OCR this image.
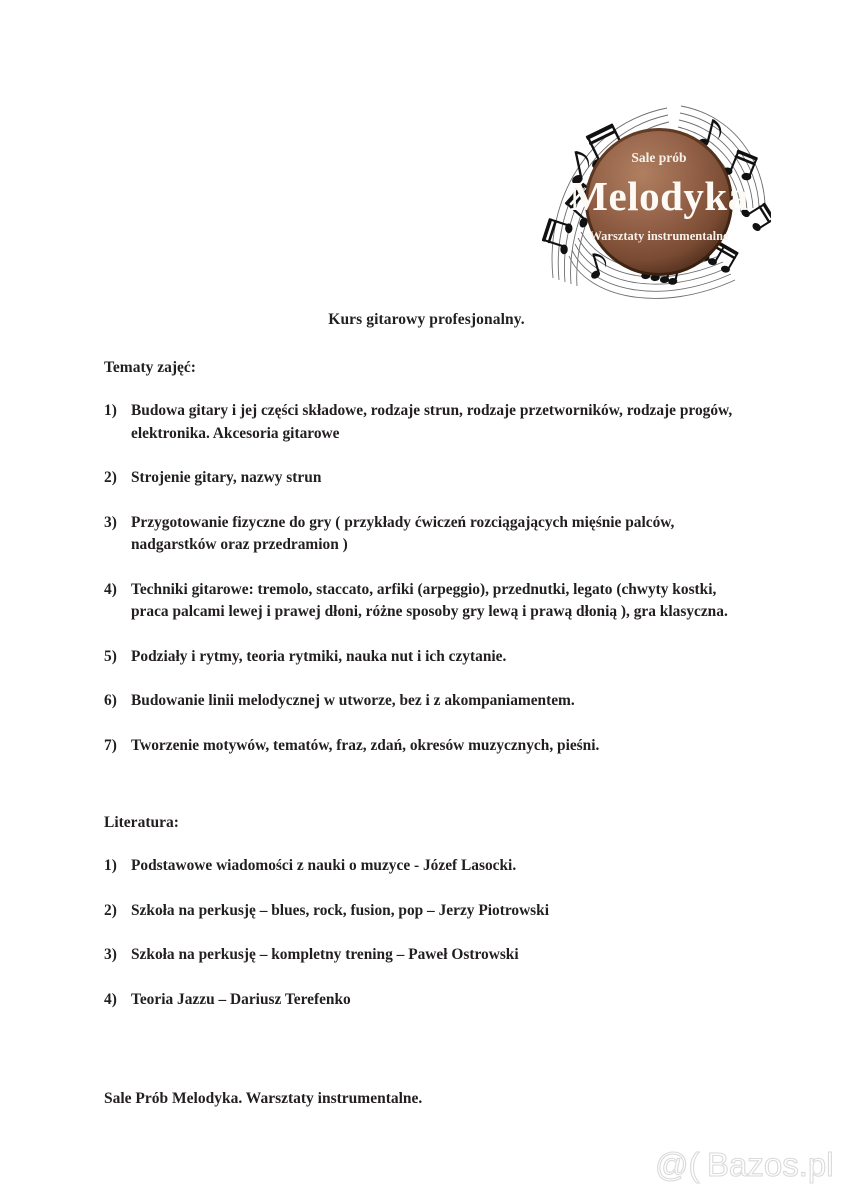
Sale prób
Melodyka
Warsztaty instrumentalne

Kurs gitarowy profesjonalny.

Tematy zajęć:

1) Budowa gitary i jej części składowe, rodzaje strun, rodzaje przetworników, rodzaje progów, elektronika. Akcesoria gitarowe
2) Strojenie gitary, nazwy strun
3) Przygotowanie fizyczne do gry ( przykłady ćwiczeń rozciągających mięśnie palców, nadgarstków oraz przedramion )
4) Techniki gitarowe: tremolo, staccato, arfiki (arpeggio), przednutki, legato (chwyty kostki, praca palcami lewej i prawej dłoni, różne sposoby gry lewą i prawą dłonią ), gra klasyczna.
5) Podziały i rytmy, teoria rytmiki, nauka nut i ich czytanie.
6) Budowanie linii melodycznej w utworze, bez i z akompaniamentem.
7) Tworzenie motywów, tematów, fraz, zdań, okresów muzycznych, pieśni.

Literatura:

1) Podstawowe wiadomości z nauki o muzyce - Józef Lasocki.
2) Szkoła na perkusję – blues, rock, fusion, pop – Jerzy Piotrowski
3) Szkoła na perkusję – kompletny trening – Paweł Ostrowski
4) Teoria Jazzu – Dariusz Terefenko

Sale Prób Melodyka. Warsztaty instrumentalne.

@( Bazos.pl
